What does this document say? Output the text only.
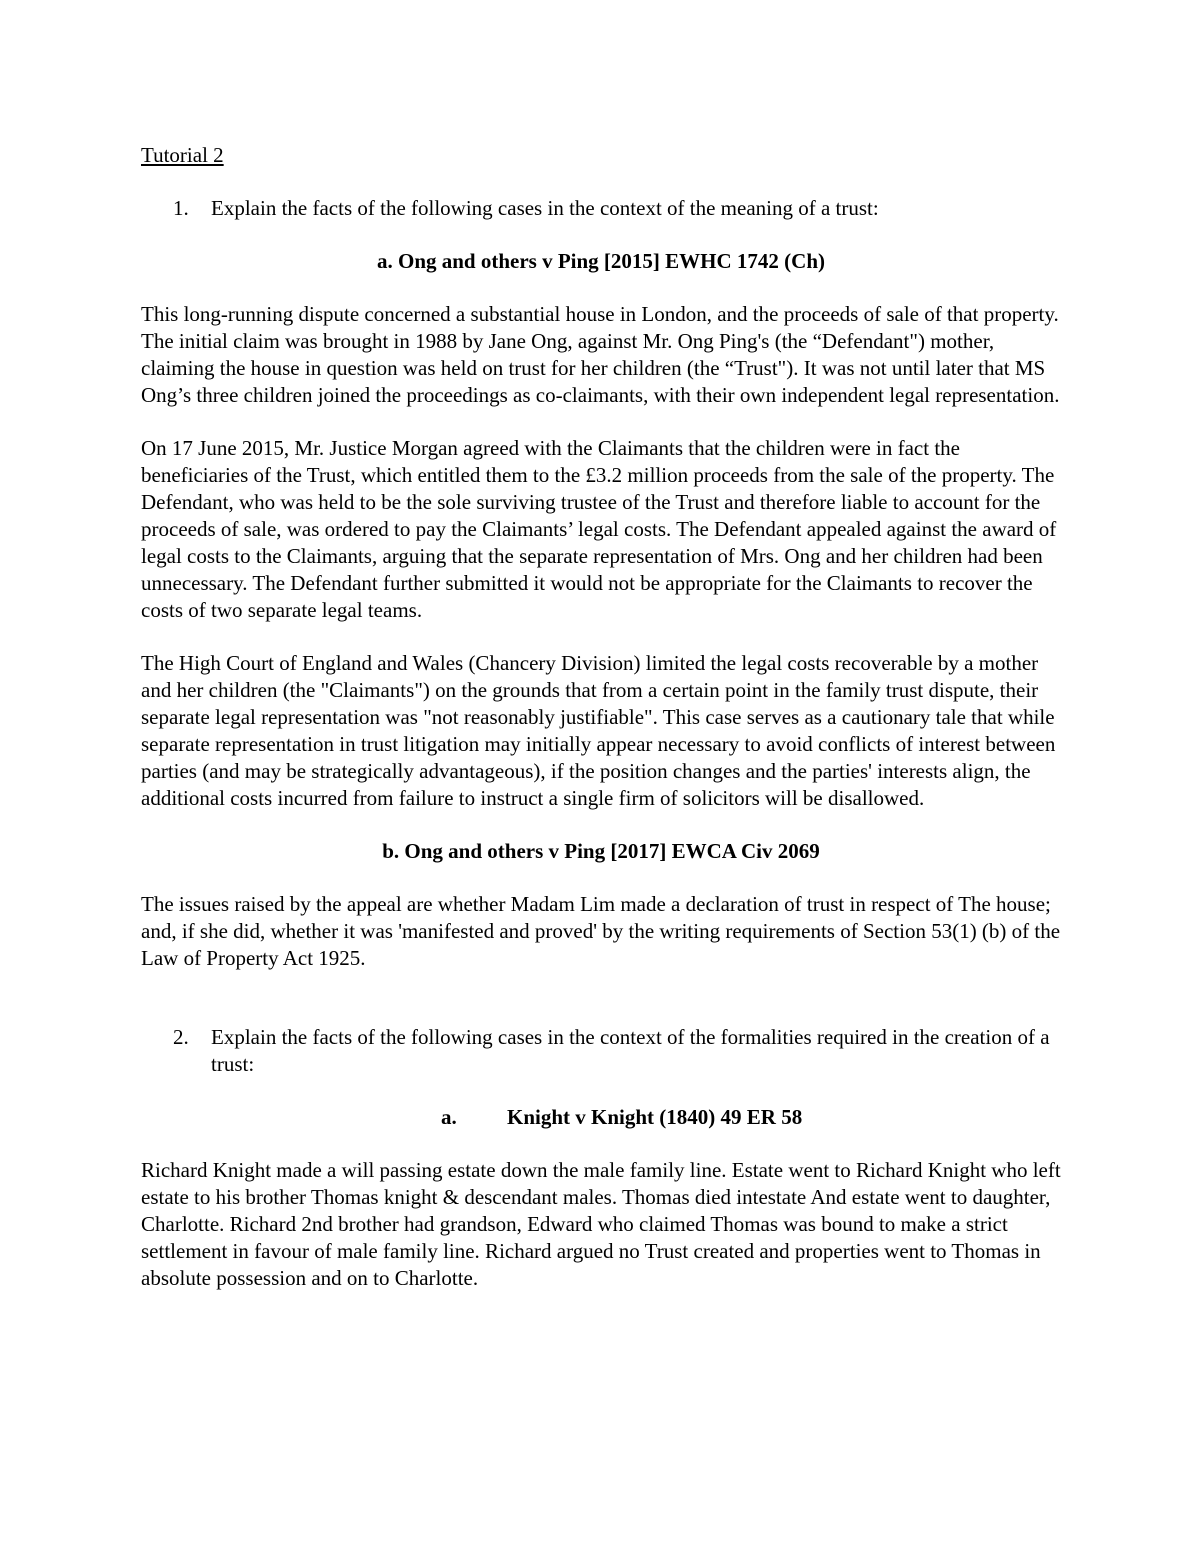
Tutorial 2

1.	Explain the facts of the following cases in the context of the meaning of a trust:

a. Ong and others v Ping [2015] EWHC 1742 (Ch)

This long-running dispute concerned a substantial house in London, and the proceeds of sale of that property. The initial claim was brought in 1988 by Jane Ong, against Mr. Ong Ping's (the “Defendant") mother, claiming the house in question was held on trust for her children (the “Trust"). It was not until later that MS Ong’s three children joined the proceedings as co-claimants, with their own independent legal representation.

On 17 June 2015, Mr. Justice Morgan agreed with the Claimants that the children were in fact the beneficiaries of the Trust, which entitled them to the £3.2 million proceeds from the sale of the property. The Defendant, who was held to be the sole surviving trustee of the Trust and therefore liable to account for the proceeds of sale, was ordered to pay the Claimants’ legal costs. The Defendant appealed against the award of legal costs to the Claimants, arguing that the separate representation of Mrs. Ong and her children had been unnecessary. The Defendant further submitted it would not be appropriate for the Claimants to recover the costs of two separate legal teams.

The High Court of England and Wales (Chancery Division) limited the legal costs recoverable by a mother and her children (the "Claimants") on the grounds that from a certain point in the family trust dispute, their separate legal representation was "not reasonably justifiable". This case serves as a cautionary tale that while separate representation in trust litigation may initially appear necessary to avoid conflicts of interest between parties (and may be strategically advantageous), if the position changes and the parties' interests align, the additional costs incurred from failure to instruct a single firm of solicitors will be disallowed.

b. Ong and others v Ping [2017] EWCA Civ 2069

The issues raised by the appeal are whether Madam Lim made a declaration of trust in respect of The house; and, if she did, whether it was 'manifested and proved' by the writing requirements of Section 53(1) (b) of the Law of Property Act 1925.

2.	Explain the facts of the following cases in the context of the formalities required in the creation of a trust:

a. Knight v Knight (1840) 49 ER 58

Richard Knight made a will passing estate down the male family line. Estate went to Richard Knight who left estate to his brother Thomas knight & descendant males. Thomas died intestate And estate went to daughter, Charlotte. Richard 2nd brother had grandson, Edward who claimed Thomas was bound to make a strict settlement in favour of male family line. Richard argued no Trust created and properties went to Thomas in absolute possession and on to Charlotte.
